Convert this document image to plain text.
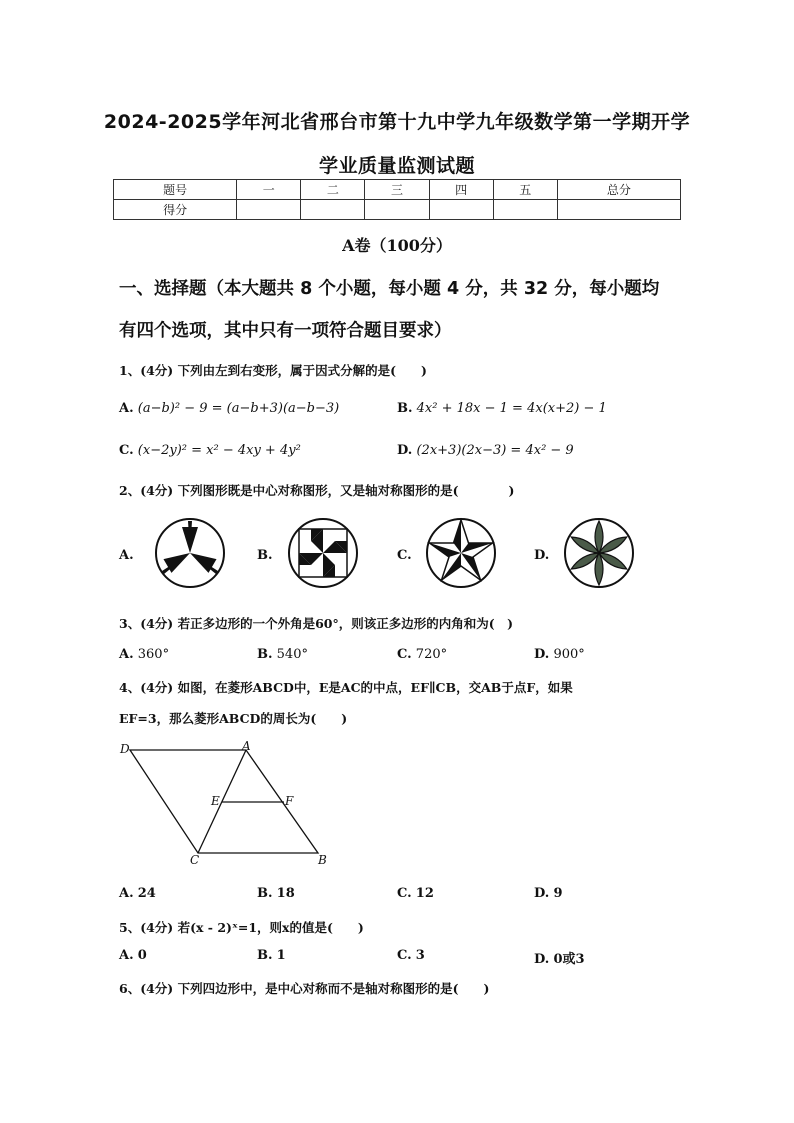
2024-2025学年河北省邢台市第十九中学九年级数学第一学期开学
学业质量监测试题
题号	一	二	三	四	五	总分
得分						
A卷（100分）
一、选择题（本大题共 8 个小题，每小题 4 分，共 32 分，每小题均
有四个选项，其中只有一项符合题目要求）
1、(4分) 下列由左到右变形，属于因式分解的是(　　)
A. (a−b)² − 9 = (a−b+3)(a−b−3)	B. 4x² + 18x − 1 = 4x(x+2) − 1
C. (x−2y)² = x² − 4xy + 4y²	D. (2x+3)(2x−3) = 4x² − 9
2、(4分) 下列图形既是中心对称图形，又是轴对称图形的是(　　　　)
A.	B.	C.	D.
3、(4分) 若正多边形的一个外角是60°，则该正多边形的内角和为(　)
A. 360°	B. 540°	C. 720°	D. 900°
4、(4分) 如图，在菱形ABCD中，E是AC的中点，EF∥CB，交AB于点F，如果
EF=3，那么菱形ABCD的周长为(　　)
D	A
E	F
C	B
A. 24	B. 18	C. 12	D. 9
5、(4分) 若(x - 2)ˣ=1，则x的值是(　　)
A. 0	B. 1	C. 3	D. 0或3
6、(4分) 下列四边形中，是中心对称而不是轴对称图形的是(　　)
